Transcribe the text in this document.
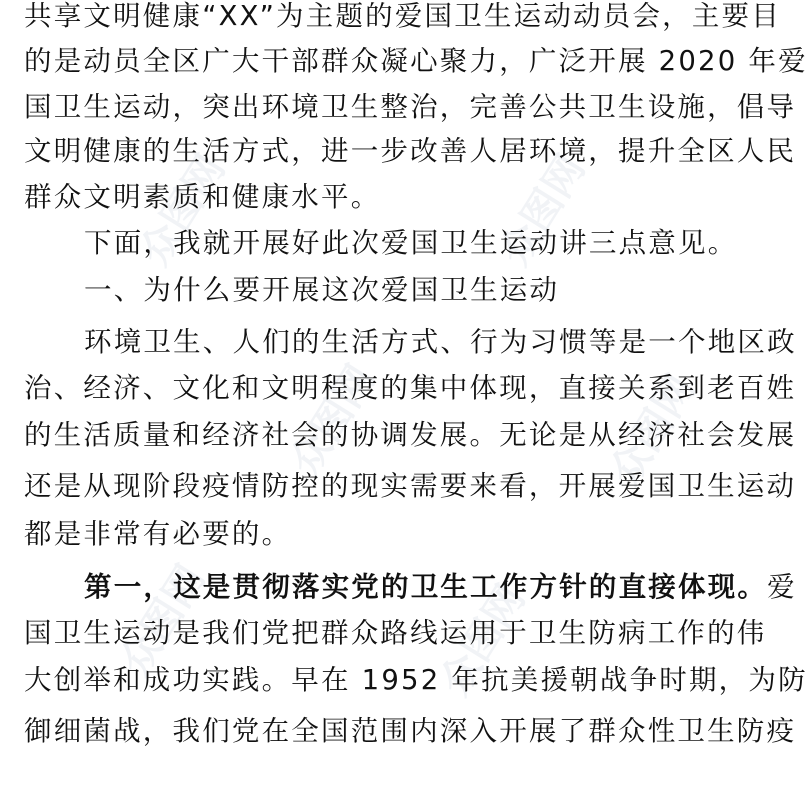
众图网	众图网
众图网	众图网
众图网	众图网
共享文明健康“XX”为主题的爱国卫生运动动员会，主要目
的是动员全区广大干部群众凝心聚力，广泛开展 2020 年爱
国卫生运动，突出环境卫生整治，完善公共卫生设施，倡导
文明健康的生活方式，进一步改善人居环境，提升全区人民
群众文明素质和健康水平。
下面，我就开展好此次爱国卫生运动讲三点意见。
一、为什么要开展这次爱国卫生运动
环境卫生、人们的生活方式、行为习惯等是一个地区政
治、经济、文化和文明程度的集中体现，直接关系到老百姓
的生活质量和经济社会的协调发展。无论是从经济社会发展
还是从现阶段疫情防控的现实需要来看，开展爱国卫生运动
都是非常有必要的。
第一，这是贯彻落实党的卫生工作方针的直接体现。爱
国卫生运动是我们党把群众路线运用于卫生防病工作的伟
大创举和成功实践。早在 1952 年抗美援朝战争时期，为防
御细菌战，我们党在全国范围内深入开展了群众性卫生防疫
